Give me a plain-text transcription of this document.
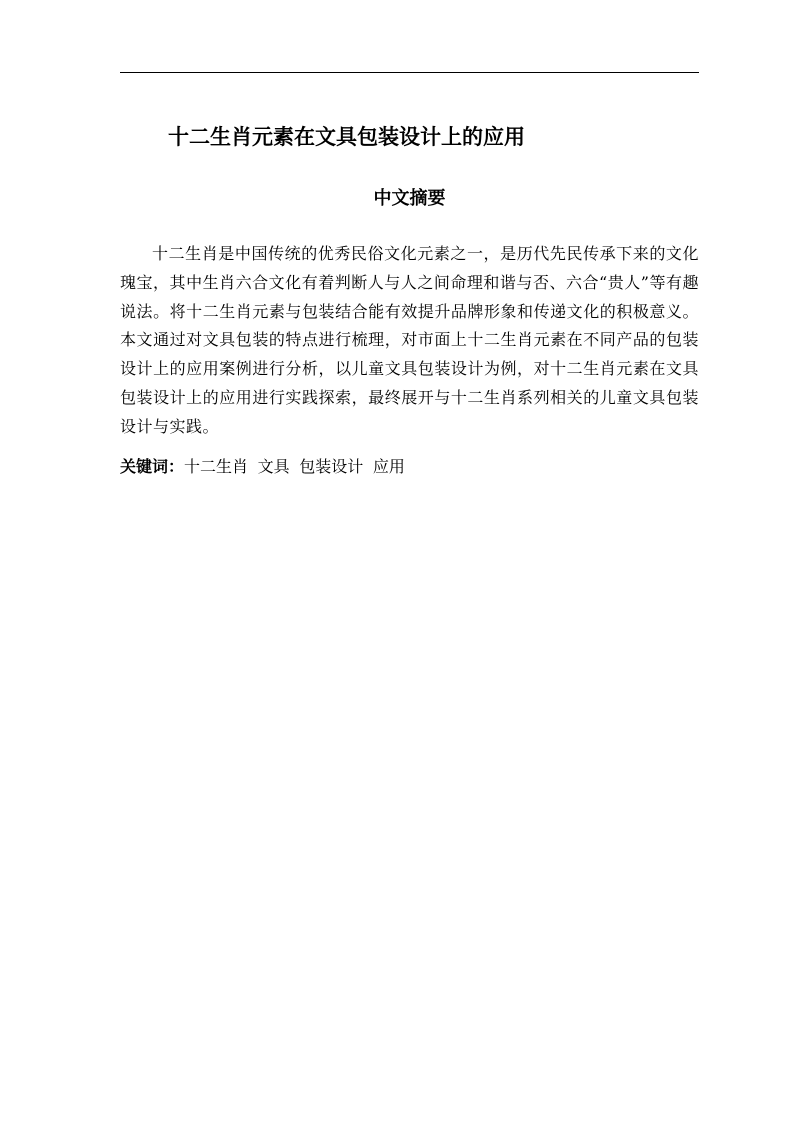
十二生肖元素在文具包装设计上的应用
中文摘要

十二生肖是中国传统的优秀民俗文化元素之一，是历代先民传承下来的文化瑰宝，其中生肖六合文化有着判断人与人之间命理和谐与否、六合“贵人”等有趣说法。将十二生肖元素与包装结合能有效提升品牌形象和传递文化的积极意义。本文通过对文具包装的特点进行梳理，对市面上十二生肖元素在不同产品的包装设计上的应用案例进行分析，以儿童文具包装设计为例，对十二生肖元素在文具包装设计上的应用进行实践探索，最终展开与十二生肖系列相关的儿童文具包装设计与实践。

关键词：十二生肖 文具 包装设计 应用
